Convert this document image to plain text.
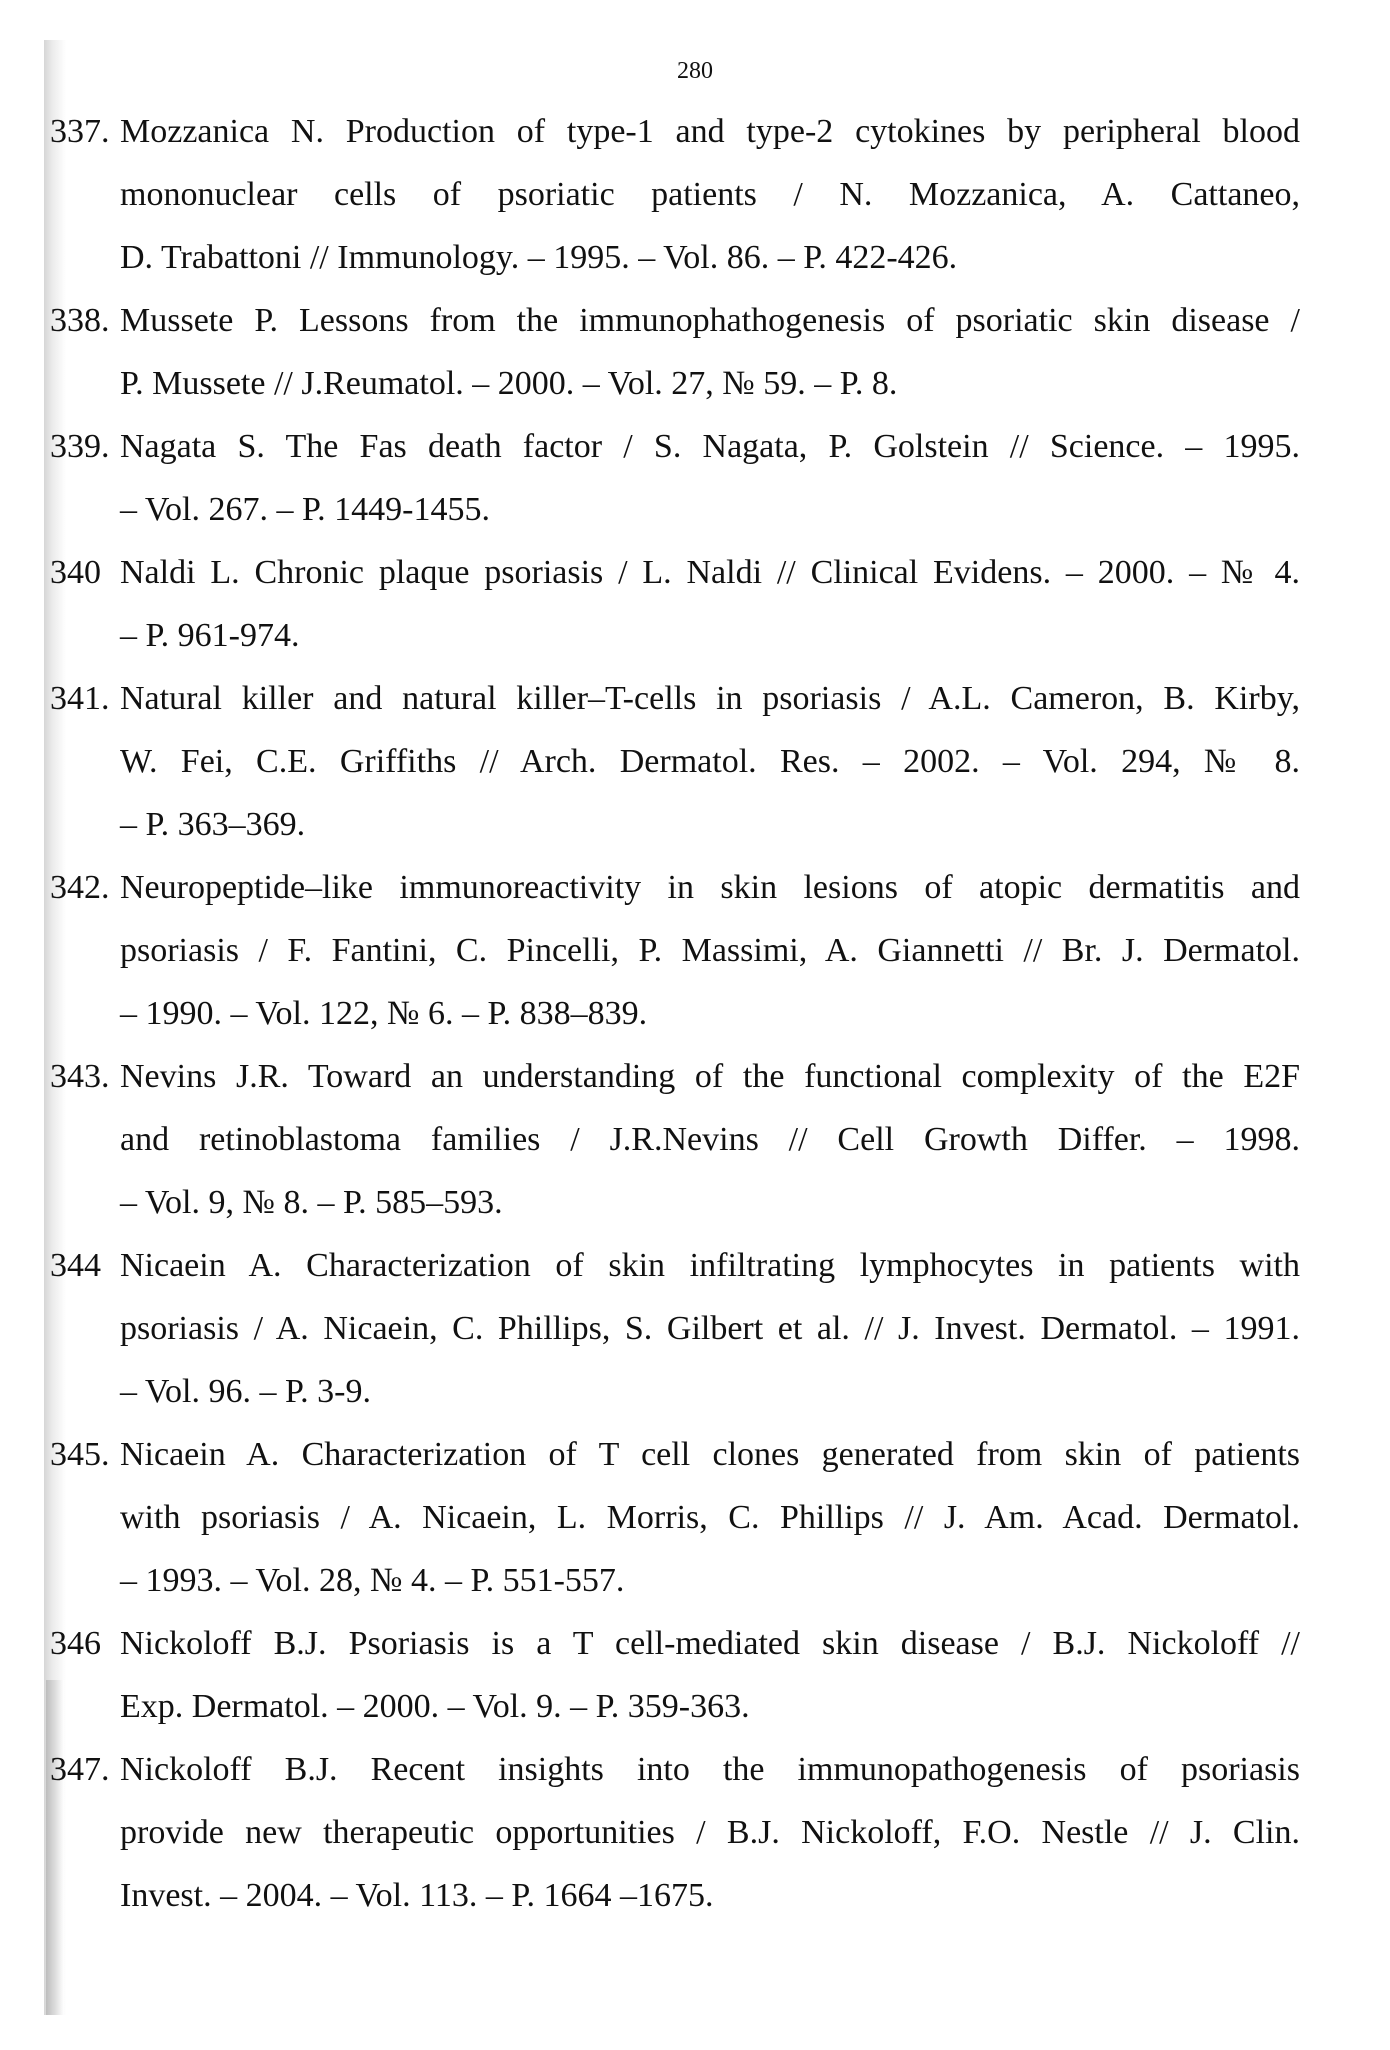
280
337. Mozzanica N. Production of type-1 and type-2 cytokines by peripheral blood
mononuclear cells of psoriatic patients / N. Mozzanica, A. Cattaneo,
D. Trabattoni // Immunology. – 1995. – Vol. 86. – P. 422-426.
338. Mussete P. Lessons from the immunophathogenesis of psoriatic skin disease /
P. Mussete // J.Reumatol. – 2000. – Vol. 27, № 59. – P. 8.
339. Nagata S. The Fas death factor / S. Nagata, P. Golstein // Science. – 1995.
– Vol. 267. – P. 1449-1455.
340 Naldi L. Chronic plaque psoriasis / L. Naldi // Clinical Evidens. – 2000. – № 4.
– P. 961-974.
341. Natural killer and natural killer–T-cells in psoriasis / A.L. Cameron, B. Kirby,
W. Fei, C.E. Griffiths // Arch. Dermatol. Res. – 2002. – Vol. 294, № 8.
– P. 363–369.
342. Neuropeptide–like immunoreactivity in skin lesions of atopic dermatitis and
psoriasis / F. Fantini, C. Pincelli, P. Massimi, A. Giannetti // Br. J. Dermatol.
– 1990. – Vol. 122, № 6. – P. 838–839.
343. Nevins J.R. Toward an understanding of the functional complexity of the E2F
and retinoblastoma families / J.R.Nevins // Cell Growth Differ. – 1998.
– Vol. 9, № 8. – P. 585–593.
344 Nicaein A. Characterization of skin infiltrating lymphocytes in patients with
psoriasis / A. Nicaein, C. Phillips, S. Gilbert et al. // J. Invest. Dermatol. – 1991.
– Vol. 96. – P. 3-9.
345. Nicaein A. Characterization of T cell clones generated from skin of patients
with psoriasis / A. Nicaein, L. Morris, C. Phillips // J. Am. Acad. Dermatol.
– 1993. – Vol. 28, № 4. – P. 551-557.
346 Nickoloff B.J. Psoriasis is a T cell-mediated skin disease / B.J. Nickoloff //
Exp. Dermatol. – 2000. – Vol. 9. – P. 359-363.
347. Nickoloff B.J. Recent insights into the immunopathogenesis of psoriasis
provide new therapeutic opportunities / B.J. Nickoloff, F.O. Nestle // J. Clin.
Invest. – 2004. – Vol. 113. – P. 1664 –1675.
